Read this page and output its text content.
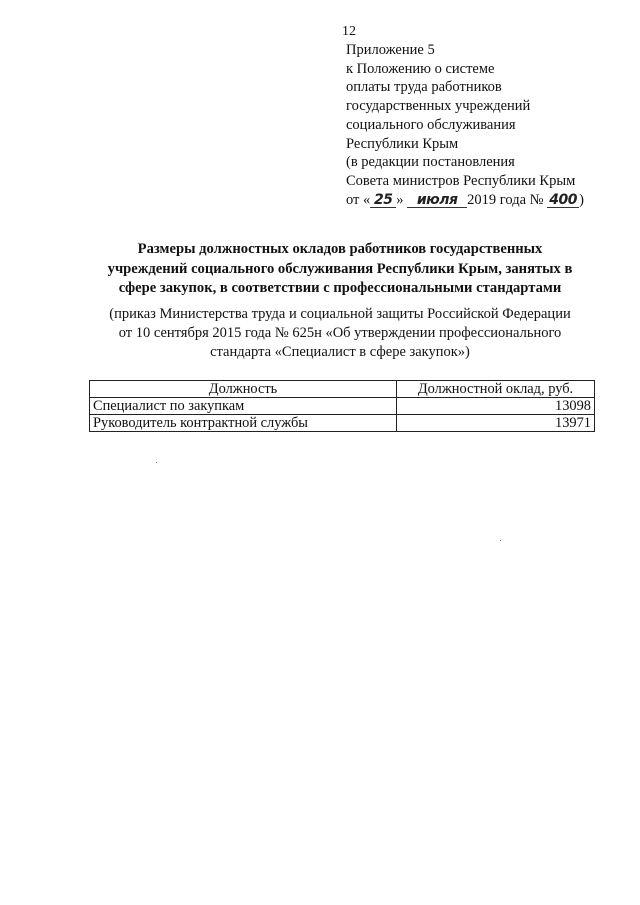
12
Приложение 5
к Положению о системе
оплаты труда работников
государственных учреждений
социального обслуживания
Республики Крым
(в редакции постановления
Совета министров Республики Крым
от « 25 » июля 2019 года № 400 )
Размеры должностных окладов работников государственных
учреждений социального обслуживания Республики Крым, занятых в
сфере закупок, в соответствии с профессиональными стандартами
(приказ Министерства труда и социальной защиты Российской Федерации
от 10 сентября 2015 года № 625н «Об утверждении профессионального
стандарта «Специалист в сфере закупок»)
Должность	Должностной оклад, руб.
Специалист по закупкам	13098
Руководитель контрактной службы	13971
